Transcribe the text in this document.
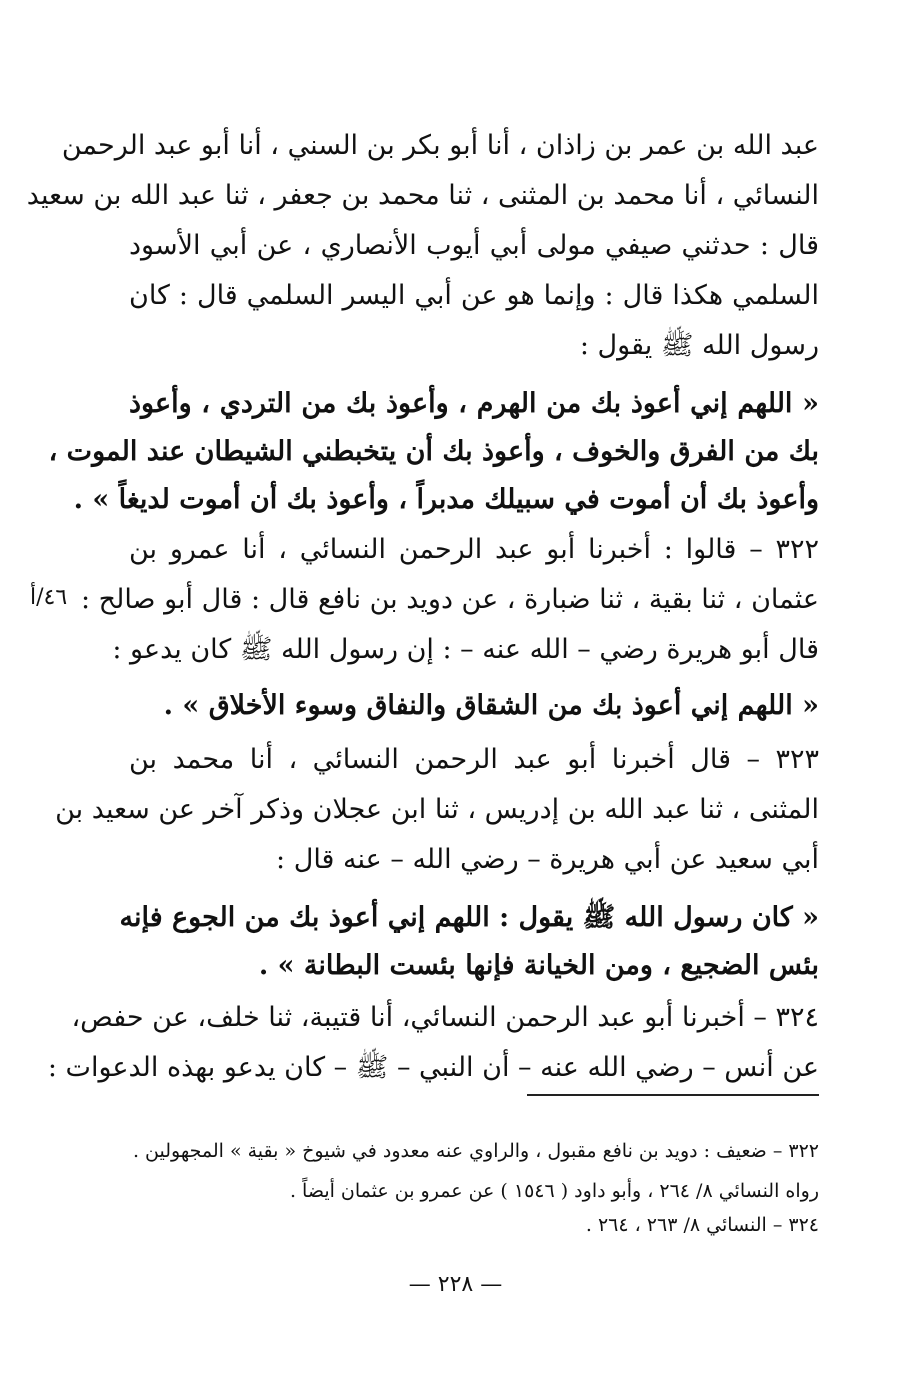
عبد الله بن عمر بن زاذان ، أنا أبو بكر بن السني ، أنا أبو عبد الرحمن
النسائي ، أنا محمد بن المثنى ، ثنا محمد بن جعفر ، ثنا عبد الله بن سعيد
قال : حدثني صيفي مولى أبي أيوب الأنصاري ، عن أبي الأسود
السلمي هكذا قال : وإنما هو عن أبي اليسر السلمي قال : كان
رسول الله ﷺ يقول :
« اللهم إني أعوذ بك من الهرم ، وأعوذ بك من التردي ، وأعوذ
بك من الفرق والخوف ، وأعوذ بك أن يتخبطني الشيطان عند الموت ،
وأعوذ بك أن أموت في سبيلك مدبراً ، وأعوذ بك أن أموت لديغاً » .
٣٢٢ – قالوا : أخبرنا أبو عبد الرحمن النسائي ، أنا عمرو بن
عثمان ، ثنا بقية ، ثنا ضبارة ، عن دويد بن نافع قال : قال أبو صالح :
قال أبو هريرة رضي – الله عنه – : إن رسول الله ﷺ كان يدعو :
« اللهم إني أعوذ بك من الشقاق والنفاق وسوء الأخلاق » .
٣٢٣ – قال أخبرنا أبو عبد الرحمن النسائي ، أنا محمد بن
المثنى ، ثنا عبد الله بن إدريس ، ثنا ابن عجلان وذكر آخر عن سعيد بن
أبي سعيد عن أبي هريرة – رضي الله – عنه قال :
« كان رسول الله ﷺ يقول : اللهم إني أعوذ بك من الجوع فإنه
بئس الضجيع ، ومن الخيانة فإنها بئست البطانة » .
٣٢٤ – أخبرنا أبو عبد الرحمن النسائي، أنا قتيبة، ثنا خلف، عن حفص،
عن أنس – رضي الله عنه – أن النبي – ﷺ – كان يدعو بهذه الدعوات :
٤٦/أ
٣٢٢ – ضعيف : دويد بن نافع مقبول ، والراوي عنه معدود في شيوخ « بقية » المجهولين .
رواه النسائي ٨/ ٢٦٤ ، وأبو داود ( ١٥٤٦ ) عن عمرو بن عثمان أيضاً .
٣٢٤ – النسائي ٨/ ٢٦٣ ، ٢٦٤ .
— ٢٢٨ —
